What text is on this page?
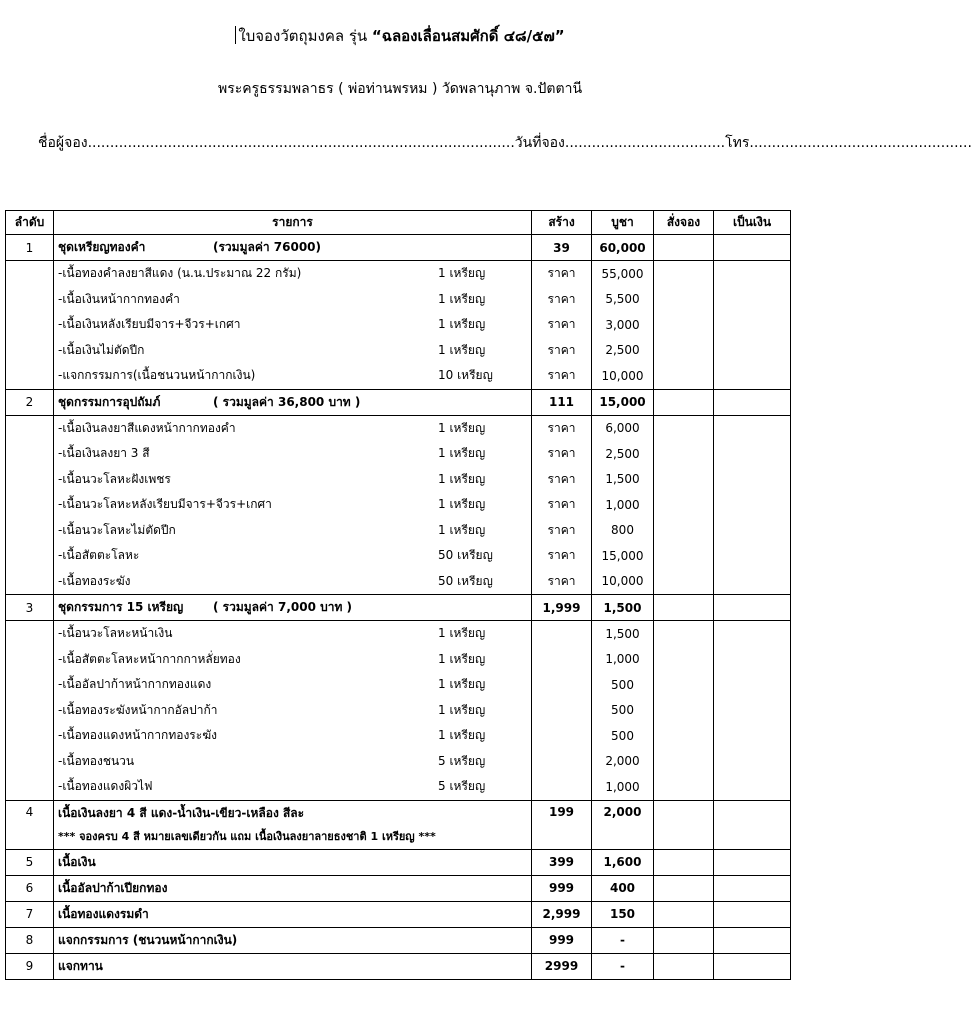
ใบจองวัตถุมงคล รุ่น “ฉลองเลื่อนสมศักดิ์ ๔๘/๕๗”
พระครูธรรมพลาธร ( พ่อท่านพรหม ) วัดพลานุภาพ จ.ปัตตานี
ชื่อผู้จอง................................................................................................วันที่จอง....................................โทร..................................................
ลำดับ	รายการ	สร้าง	บูชา	สั่งจอง	เป็นเงิน
1	ชุดเหรียญทองคำ (รวมมูลค่า 76000)	39	60,000		
	-เนื้อทองคำลงยาสีแดง (น.น.ประมาณ 22 กรัม) 1 เหรียญ	ราคา	55,000		
	-เนื้อเงินหน้ากากทองคำ 1 เหรียญ	ราคา	5,500		
	-เนื้อเงินหลังเรียบมีจาร+จีวร+เกศา 1 เหรียญ	ราคา	3,000		
	-เนื้อเงินไม่ตัดปีก 1 เหรียญ	ราคา	2,500		
	-แจกกรรมการ(เนื้อชนวนหน้ากากเงิน) 10 เหรียญ	ราคา	10,000		
2	ชุดกรรมการอุปถัมภ์ ( รวมมูลค่า 36,800 บาท )	111	15,000		
	-เนื้อเงินลงยาสีแดงหน้ากากทองคำ 1 เหรียญ	ราคา	6,000		
	-เนื้อเงินลงยา 3 สี 1 เหรียญ	ราคา	2,500		
	-เนื้อนวะโลหะฝังเพชร 1 เหรียญ	ราคา	1,500		
	-เนื้อนวะโลหะหลังเรียบมีจาร+จีวร+เกศา 1 เหรียญ	ราคา	1,000		
	-เนื้อนวะโลหะไม่ตัดปีก 1 เหรียญ	ราคา	800		
	-เนื้อสัตตะโลหะ 50 เหรียญ	ราคา	15,000		
	-เนื้อทองระฆัง 50 เหรียญ	ราคา	10,000		
3	ชุดกรรมการ 15 เหรียญ ( รวมมูลค่า 7,000 บาท )	1,999	1,500		
	-เนื้อนวะโลหะหน้าเงิน 1 เหรียญ		1,500		
	-เนื้อสัตตะโลหะหน้ากากกาหลั่ยทอง 1 เหรียญ		1,000		
	-เนื้ออัลปาก้าหน้ากากทองแดง 1 เหรียญ		500		
	-เนื้อทองระฆังหน้ากากอัลปาก้า 1 เหรียญ		500		
	-เนื้อทองแดงหน้ากากทองระฆัง 1 เหรียญ		500		
	-เนื้อทองชนวน 5 เหรียญ		2,000		
	-เนื้อทองแดงผิวไฟ 5 เหรียญ		1,000		
4	เนื้อเงินลงยา 4 สี แดง-น้ำเงิน-เขียว-เหลือง สีละ
*** จองครบ 4 สี หมายเลขเดียวกัน แถม เนื้อเงินลงยาลายธงชาติ 1 เหรียญ ***	199	2,000		
5	เนื้อเงิน	399	1,600		
6	เนื้ออัลปาก้าเปียกทอง	999	400		
7	เนื้อทองแดงรมดำ	2,999	150		
8	แจกกรรมการ (ชนวนหน้ากากเงิน)	999	-		
9	แจกทาน	2999	-		
